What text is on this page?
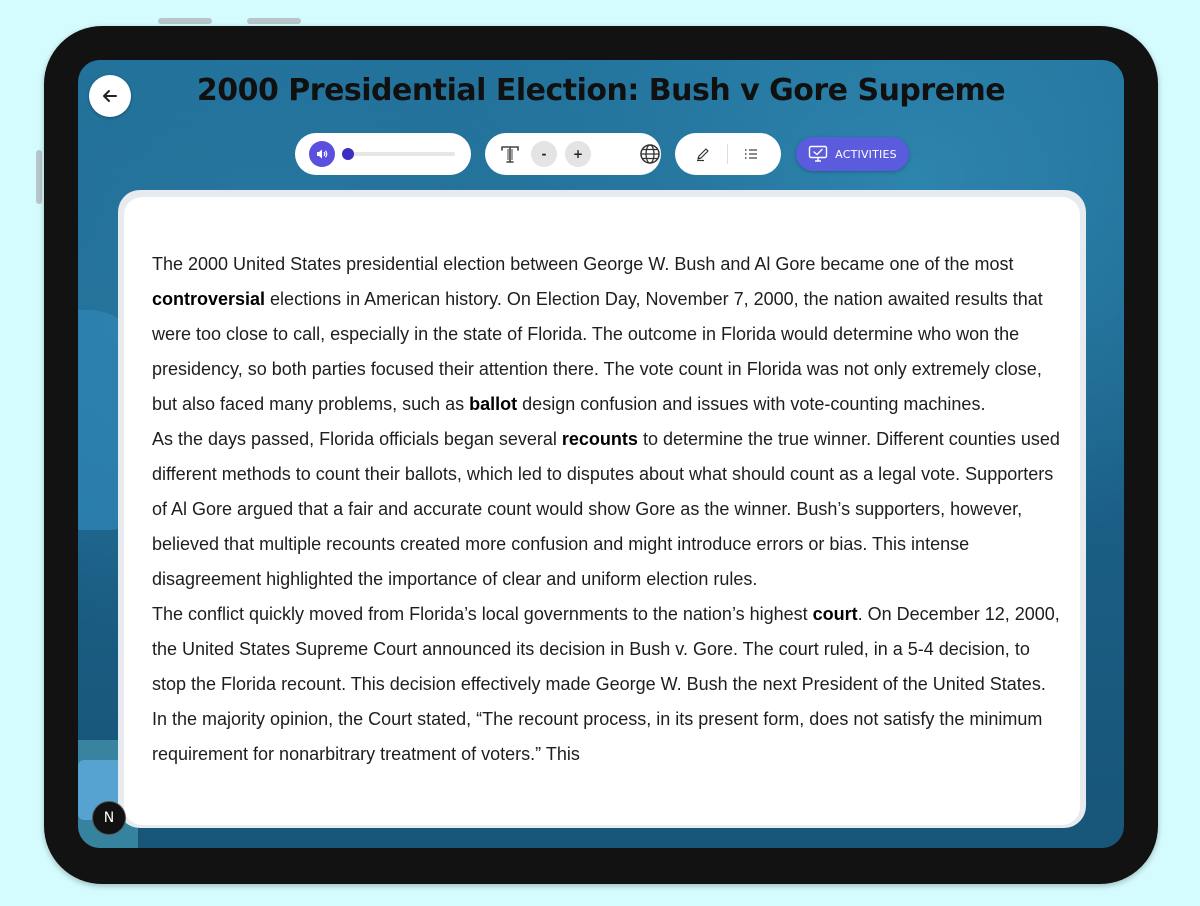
2000 Presidential Election: Bush v Gore Supreme
-	+	ACTIVITIES

The 2000 United States presidential election between George W. Bush and Al Gore became one of the most controversial elections in American history. On Election Day, November 7, 2000, the nation awaited results that were too close to call, especially in the state of Florida. The outcome in Florida would determine who won the presidency, so both parties focused their attention there. The vote count in Florida was not only extremely close, but also faced many problems, such as ballot design confusion and issues with vote-counting machines.

As the days passed, Florida officials began several recounts to determine the true winner. Different counties used different methods to count their ballots, which led to disputes about what should count as a legal vote. Supporters of Al Gore argued that a fair and accurate count would show Gore as the winner. Bush’s supporters, however, believed that multiple recounts created more confusion and might introduce errors or bias. This intense disagreement highlighted the importance of clear and uniform election rules.

The conflict quickly moved from Florida’s local governments to the nation’s highest court. On December 12, 2000, the United States Supreme Court announced its decision in Bush v. Gore. The court ruled, in a 5-4 decision, to stop the Florida recount. This decision effectively made George W. Bush the next President of the United States. In the majority opinion, the Court stated, “The recount process, in its present form, does not satisfy the minimum requirement for nonarbitrary treatment of voters.” This

N
